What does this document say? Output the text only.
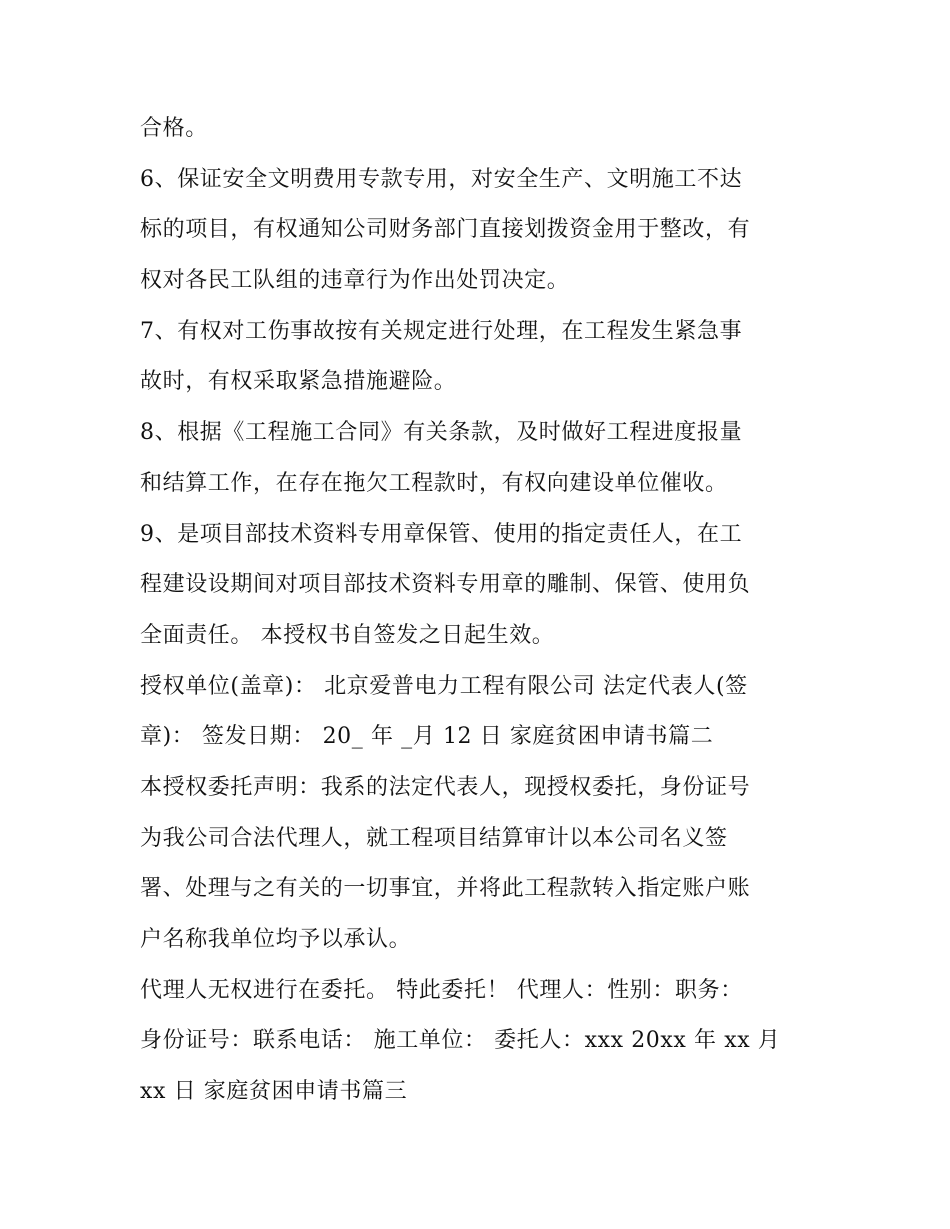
合格。
6、保证安全文明费用专款专用，对安全生产、文明施工不达
标的项目，有权通知公司财务部门直接划拨资金用于整改，有
权对各民工队组的违章行为作出处罚决定。
7、有权对工伤事故按有关规定进行处理，在工程发生紧急事
故时，有权采取紧急措施避险。
8、根据《工程施工合同》有关条款，及时做好工程进度报量
和结算工作，在存在拖欠工程款时，有权向建设单位催收。
9、是项目部技术资料专用章保管、使用的指定责任人，在工
程建设设期间对项目部技术资料专用章的雕制、保管、使用负
全面责任。 本授权书自签发之日起生效。
授权单位(盖章)： 北京爱普电力工程有限公司 法定代表人(签
章)： 签发日期： 20_ 年 _月 12 日 家庭贫困申请书篇二
本授权委托声明：我系的法定代表人，现授权委托，身份证号
为我公司合法代理人，就工程项目结算审计以本公司名义签
署、处理与之有关的一切事宜，并将此工程款转入指定账户账
户名称我单位均予以承认。
代理人无权进行在委托。 特此委托！ 代理人：性别：职务：
身份证号：联系电话： 施工单位： 委托人：xxx 20xx 年 xx 月
xx 日 家庭贫困申请书篇三
